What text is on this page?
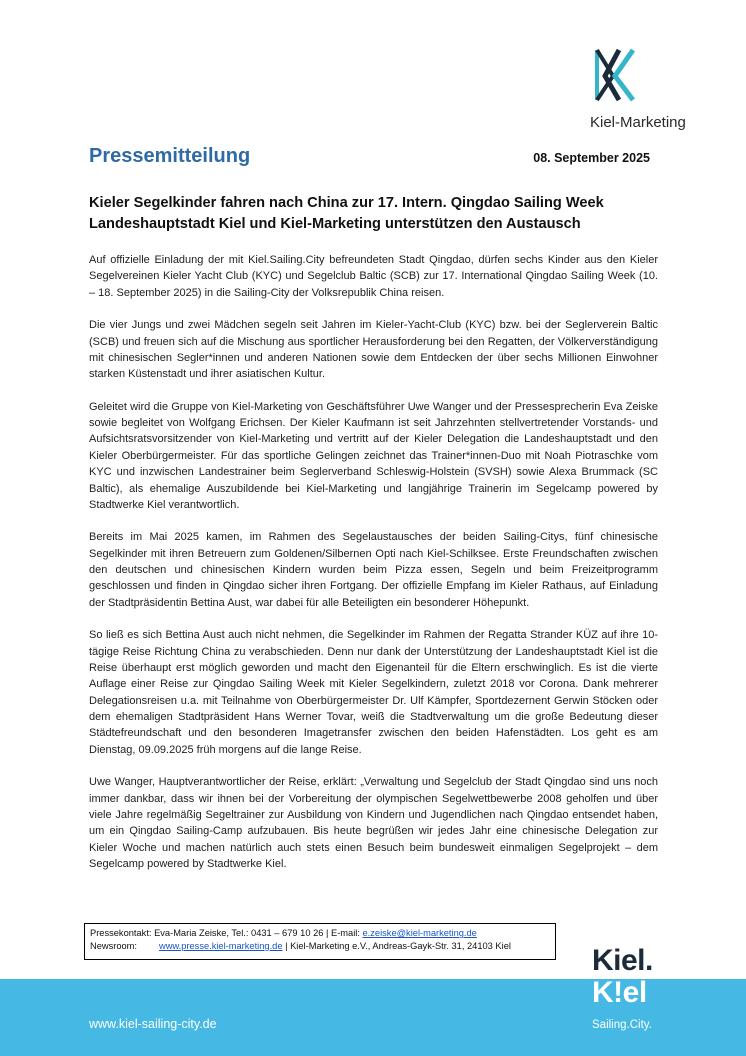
Kiel-Marketing
Pressemitteilung	08. September 2025
Kieler Segelkinder fahren nach China zur 17. Intern. Qingdao Sailing Week
Landeshauptstadt Kiel und Kiel-Marketing unterstützen den Austausch

Auf offizielle Einladung der mit Kiel.Sailing.City befreundeten Stadt Qingdao, dürfen sechs Kinder aus den Kieler Segelvereinen Kieler Yacht Club (KYC) und Segelclub Baltic (SCB) zur 17. International Qingdao Sailing Week (10. – 18. September 2025) in die Sailing-City der Volksrepublik China reisen.

Die vier Jungs und zwei Mädchen segeln seit Jahren im Kieler-Yacht-Club (KYC) bzw. bei der Seglerverein Baltic (SCB) und freuen sich auf die Mischung aus sportlicher Herausforderung bei den Regatten, der Völkerverständigung mit chinesischen Segler*innen und anderen Nationen sowie dem Entdecken der über sechs Millionen Einwohner starken Küstenstadt und ihrer asiatischen Kultur.

Geleitet wird die Gruppe von Kiel-Marketing von Geschäftsführer Uwe Wanger und der Pressesprecherin Eva Zeiske sowie begleitet von Wolfgang Erichsen. Der Kieler Kaufmann ist seit Jahrzehnten stellvertretender Vorstands- und Aufsichtsratsvorsitzender von Kiel-Marketing und vertritt auf der Kieler Delegation die Landeshauptstadt und den Kieler Oberbürgermeister. Für das sportliche Gelingen zeichnet das Trainer*innen-Duo mit Noah Piotraschke vom KYC und inzwischen Landestrainer beim Seglerverband Schleswig-Holstein (SVSH) sowie Alexa Brummack (SC Baltic), als ehemalige Auszubildende bei Kiel-Marketing und langjährige Trainerin im Segelcamp powered by Stadtwerke Kiel verantwortlich.

Bereits im Mai 2025 kamen, im Rahmen des Segelaustausches der beiden Sailing-Citys, fünf chinesische Segelkinder mit ihren Betreuern zum Goldenen/Silbernen Opti nach Kiel-Schilksee. Erste Freundschaften zwischen den deutschen und chinesischen Kindern wurden beim Pizza essen, Segeln und beim Freizeitprogramm geschlossen und finden in Qingdao sicher ihren Fortgang. Der offizielle Empfang im Kieler Rathaus, auf Einladung der Stadtpräsidentin Bettina Aust, war dabei für alle Beteiligten ein besonderer Höhepunkt.

So ließ es sich Bettina Aust auch nicht nehmen, die Segelkinder im Rahmen der Regatta Strander KÜZ auf ihre 10-tägige Reise Richtung China zu verabschieden. Denn nur dank der Unterstützung der Landeshauptstadt Kiel ist die Reise überhaupt erst möglich geworden und macht den Eigenanteil für die Eltern erschwinglich. Es ist die vierte Auflage einer Reise zur Qingdao Sailing Week mit Kieler Segelkindern, zuletzt 2018 vor Corona. Dank mehrerer Delegationsreisen u.a. mit Teilnahme von Oberbürgermeister Dr. Ulf Kämpfer, Sportdezernent Gerwin Stöcken oder dem ehemaligen Stadtpräsident Hans Werner Tovar, weiß die Stadtverwaltung um die große Bedeutung dieser Städtefreundschaft und den besonderen Imagetransfer zwischen den beiden Hafenstädten. Los geht es am Dienstag, 09.09.2025 früh morgens auf die lange Reise.

Uwe Wanger, Hauptverantwortlicher der Reise, erklärt: „Verwaltung und Segelclub der Stadt Qingdao sind uns noch immer dankbar, dass wir ihnen bei der Vorbereitung der olympischen Segelwettbewerbe 2008 geholfen und über viele Jahre regelmäßig Segeltrainer zur Ausbildung von Kindern und Jugendlichen nach Qingdao entsendet haben, um ein Qingdao Sailing-Camp aufzubauen. Bis heute begrüßen wir jedes Jahr eine chinesische Delegation zur Kieler Woche und machen natürlich auch stets einen Besuch beim bundesweit einmaligen Segelprojekt – dem Segelcamp powered by Stadtwerke Kiel.

Pressekontakt: Eva-Maria Zeiske, Tel.: 0431 – 679 10 26 | E-mail: e.zeiske@kiel-marketing.de
Newsroom: www.presse.kiel-marketing.de | Kiel-Marketing e.V., Andreas-Gayk-Str. 31, 24103 Kiel
www.kiel-sailing-city.de
Kiel.
K!el
Sailing.City.
